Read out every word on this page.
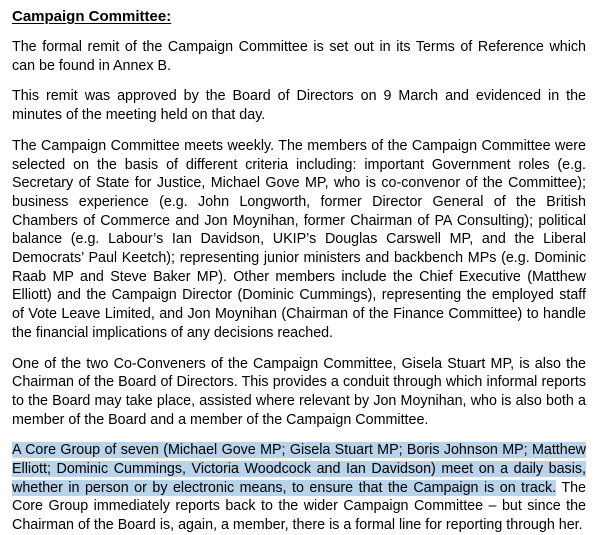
Campaign Committee:

The formal remit of the Campaign Committee is set out in its Terms of Reference which can be found in Annex B.

This remit was approved by the Board of Directors on 9 March and evidenced in the minutes of the meeting held on that day.

The Campaign Committee meets weekly. The members of the Campaign Committee were selected on the basis of different criteria including: important Government roles (e.g. Secretary of State for Justice, Michael Gove MP, who is co-convenor of the Committee); business experience (e.g. John Longworth, former Director General of the British Chambers of Commerce and Jon Moynihan, former Chairman of PA Consulting); political balance (e.g. Labour’s Ian Davidson, UKIP’s Douglas Carswell MP, and the Liberal Democrats’ Paul Keetch); representing junior ministers and backbench MPs (e.g. Dominic Raab MP and Steve Baker MP). Other members include the Chief Executive (Matthew Elliott) and the Campaign Director (Dominic Cummings), representing the employed staff of Vote Leave Limited, and Jon Moynihan (Chairman of the Finance Committee) to handle the financial implications of any decisions reached.

One of the two Co-Conveners of the Campaign Committee, Gisela Stuart MP, is also the Chairman of the Board of Directors. This provides a conduit through which informal reports to the Board may take place, assisted where relevant by Jon Moynihan, who is also both a member of the Board and a member of the Campaign Committee.

A Core Group of seven (Michael Gove MP; Gisela Stuart MP; Boris Johnson MP; Matthew Elliott; Dominic Cummings, Victoria Woodcock and Ian Davidson) meet on a daily basis, whether in person or by electronic means, to ensure that the Campaign is on track. The Core Group immediately reports back to the wider Campaign Committee – but since the Chairman of the Board is, again, a member, there is a formal line for reporting through her.
